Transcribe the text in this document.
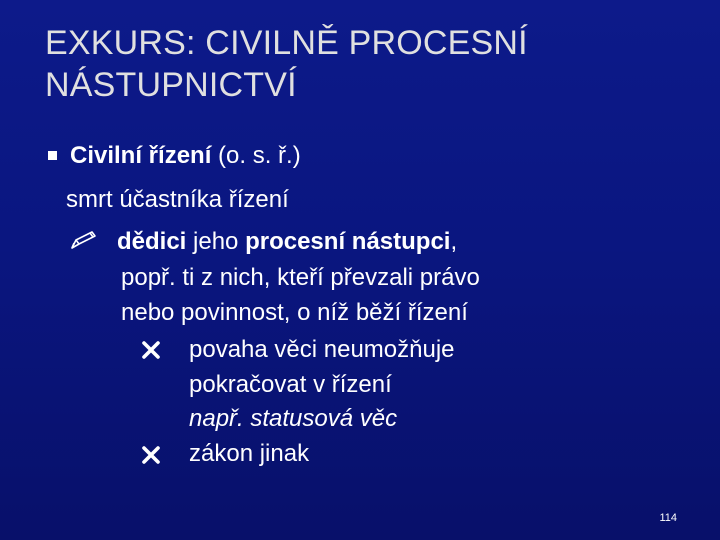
EXKURS: CIVILNĚ PROCESNÍ
NÁSTUPNICTVÍ
Civilní řízení (o. s. ř.)
smrt účastníka řízení
dědici jeho procesní nástupci,
popř. ti z nich, kteří převzali právo
nebo povinnost, o níž běží řízení
povaha věci neumožňuje
pokračovat v řízení
např. statusová věc
zákon jinak
114
